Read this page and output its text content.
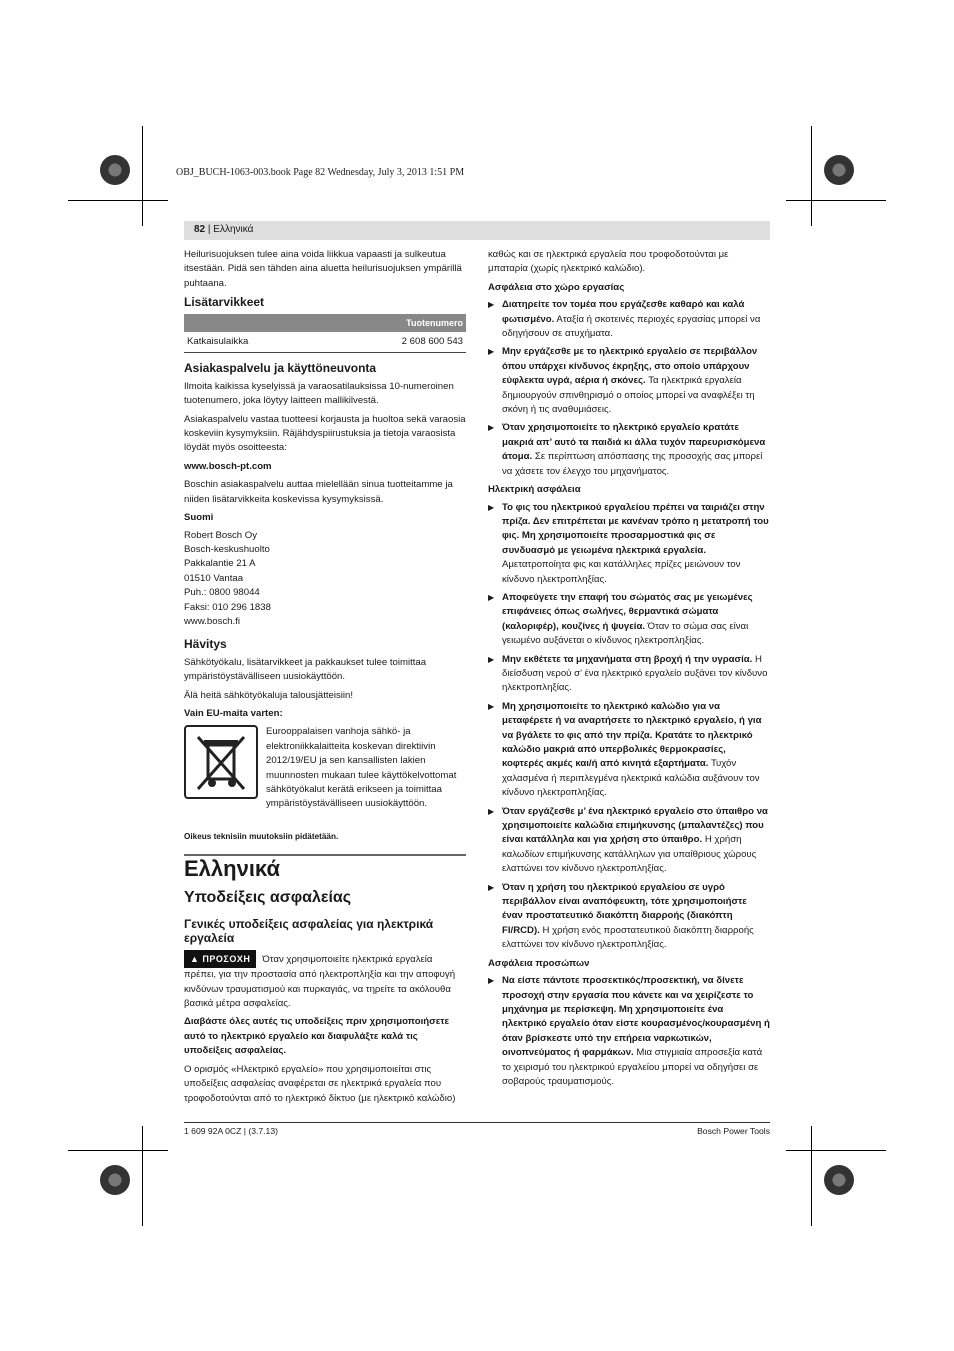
OBJ_BUCH-1063-003.book Page 82 Wednesday, July 3, 2013 1:51 PM
82 | Ελληνικά

Heilurisuojuksen tulee aina voida liikkua vapaasti ja sulkeutua itsestään. Pidä sen tähden aina aluetta heilurisuojuksen ympärillä puhtaana.

Lisätarvikkeet
	Tuotenumero
Katkaisulaikka	2 608 600 543
Asiakaspalvelu ja käyttöneuvonta

Ilmoita kaikissa kyselyissä ja varaosatilauksissa 10-numeroinen tuotenumero, joka löytyy laitteen mallikilvestä.

Asiakaspalvelu vastaa tuotteesi korjausta ja huoltoa sekä varaosia koskeviin kysymyksiin. Räjähdyspiirustuksia ja tietoja varaosista löydät myös osoitteesta:

www.bosch-pt.com

Boschin asiakaspalvelu auttaa mielellään sinua tuotteitamme ja niiden lisätarvikkeita koskevissa kysymyksissä.

Suomi

Robert Bosch Oy

Bosch-keskushuolto

Pakkalantie 21 A

01510 Vantaa

Puh.: 0800 98044

Faksi: 010 296 1838

www.bosch.fi

Hävitys

Sähkötyökalu, lisätarvikkeet ja pakkaukset tulee toimittaa ympäristöystävälliseen uusiokäyttöön.

Älä heitä sähkötyökaluja talousjätteisiin!

Vain EU-maita varten:

Eurooppalaisen vanhoja sähkö- ja elektroniikkalaitteita koskevan direktiivin 2012/19/EU ja sen kansallisten lakien muunnosten mukaan tulee käyttökelvottomat sähkötyökalut kerätä erikseen ja toimittaa ympäristöystävälliseen uusiokäyttöön.

Oikeus teknisiin muutoksiin pidätetään.

Ελληνικά
Υποδείξεις ασφαλείας
Γενικές υποδείξεις ασφαλείας για ηλεκτρικά εργαλεία

▲ ΠΡΟΣΟΧΗ Όταν χρησιμοποιείτε ηλεκτρικά εργαλεία πρέπει, για την προστασία από ηλεκτροπληξία και την αποφυγή κινδύνων τραυματισμού και πυρκαγιάς, να τηρείτε τα ακόλουθα βασικά μέτρα ασφαλείας.

Διαβάστε όλες αυτές τις υποδείξεις πριν χρησιμοποιήσετε αυτό το ηλεκτρικό εργαλείο και διαφυλάξτε καλά τις υποδείξεις ασφαλείας.

Ο ορισμός «Ηλεκτρικό εργαλείο» που χρησιμοποιείται στις υποδείξεις ασφαλείας αναφέρεται σε ηλεκτρικά εργαλεία που τροφοδοτούνται από το ηλεκτρικό δίκτυο (με ηλεκτρικό καλώδιο)

καθώς και σε ηλεκτρικά εργαλεία που τροφοδοτούνται με μπαταρία (χωρίς ηλεκτρικό καλώδιο).

Ασφάλεια στο χώρο εργασίας

▶ Διατηρείτε τον τομέα που εργάζεσθε καθαρό και καλά φωτισμένο. Αταξία ή σκοτεινές περιοχές εργασίας μπορεί να οδηγήσουν σε ατυχήματα.

▶ Μην εργάζεσθε με το ηλεκτρικό εργαλείο σε περιβάλλον όπου υπάρχει κίνδυνος έκρηξης, στο οποίο υπάρχουν εύφλεκτα υγρά, αέρια ή σκόνες. Τα ηλεκτρικά εργαλεία δημιουργούν σπινθηρισμό ο οποίος μπορεί να αναφλέξει τη σκόνη ή τις αναθυμιάσεις.

▶ Όταν χρησιμοποιείτε το ηλεκτρικό εργαλείο κρατάτε μακριά απ’ αυτό τα παιδιά κι άλλα τυχόν παρευρισκόμενα άτομα. Σε περίπτωση απόσπασης της προσοχής σας μπορεί να χάσετε τον έλεγχο του μηχανήματος.

Ηλεκτρική ασφάλεια

▶ Το φις του ηλεκτρικού εργαλείου πρέπει να ταιριάζει στην πρίζα. Δεν επιτρέπεται με κανέναν τρόπο η μετατροπή του φις. Μη χρησιμοποιείτε προσαρμοστικά φις σε συνδυασμό με γειωμένα ηλεκτρικά εργαλεία. Αμετατροποίητα φις και κατάλληλες πρίζες μειώνουν τον κίνδυνο ηλεκτροπληξίας.

▶ Αποφεύγετε την επαφή του σώματός σας με γειωμένες επιφάνειες όπως σωλήνες, θερμαντικά σώματα (καλοριφέρ), κουζίνες ή ψυγεία. Όταν το σώμα σας είναι γειωμένο αυξάνεται ο κίνδυνος ηλεκτροπληξίας.

▶ Μην εκθέτετε τα μηχανήματα στη βροχή ή την υγρασία. Η διείσδυση νερού σ’ ένα ηλεκτρικό εργαλείο αυξάνει τον κίνδυνο ηλεκτροπληξίας.

▶ Μη χρησιμοποιείτε το ηλεκτρικό καλώδιο για να μεταφέρετε ή να αναρτήσετε το ηλεκτρικό εργαλείο, ή για να βγάλετε το φις από την πρίζα. Κρατάτε το ηλεκτρικό καλώδιο μακριά από υπερβολικές θερμοκρασίες, κοφτερές ακμές και/ή από κινητά εξαρτήματα. Τυχόν χαλασμένα ή περιπλεγμένα ηλεκτρικά καλώδια αυξάνουν τον κίνδυνο ηλεκτροπληξίας.

▶ Όταν εργάζεσθε μ’ ένα ηλεκτρικό εργαλείο στο ύπαιθρο να χρησιμοποιείτε καλώδια επιμήκυνσης (μπαλαντέζες) που είναι κατάλληλα και για χρήση στο ύπαιθρο. Η χρήση καλωδίων επιμήκυνσης κατάλληλων για υπαίθριους χώρους ελαττώνει τον κίνδυνο ηλεκτροπληξίας.

▶ Όταν η χρήση του ηλεκτρικού εργαλείου σε υγρό περιβάλλον είναι αναπόφευκτη, τότε χρησιμοποιήστε έναν προστατευτικό διακόπτη διαρροής (διακόπτη FI/RCD). Η χρήση ενός προστατευτικού διακόπτη διαρροής ελαττώνει τον κίνδυνο ηλεκτροπληξίας.

Ασφάλεια προσώπων

▶ Να είστε πάντοτε προσεκτικός/προσεκτική, να δίνετε προσοχή στην εργασία που κάνετε και να χειρίζεστε το μηχάνημα με περίσκεψη. Μη χρησιμοποιείτε ένα ηλεκτρικό εργαλείο όταν είστε κουρασμένος/κουρασμένη ή όταν βρίσκεστε υπό την επήρεια ναρκωτικών, οινοπνεύματος ή φαρμάκων. Μια στιγμιαία απροσεξία κατά το χειρισμό του ηλεκτρικού εργαλείου μπορεί να οδηγήσει σε σοβαρούς τραυματισμούς.

1 609 92A 0CZ | (3.7.13)	Bosch Power Tools
